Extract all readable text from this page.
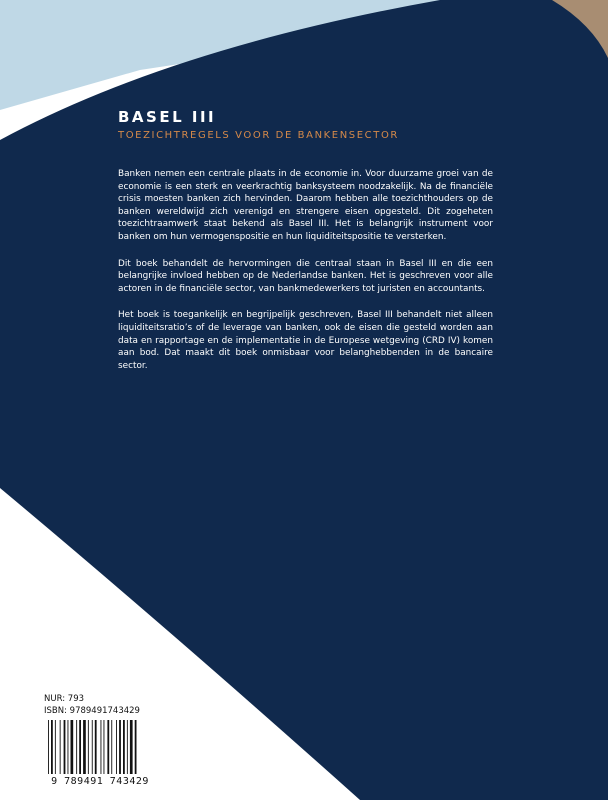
BASEL III
TOEZICHTREGELS VOOR DE BANKENSECTOR

Banken nemen een centrale plaats in de economie in. Voor duurzame groei van de economie is een sterk en veerkrachtig banksysteem noodzakelijk. Na de financiële crisis moesten banken zich hervinden. Daarom hebben alle toezichthouders op de banken wereldwijd zich verenigd en strengere eisen opgesteld. Dit zogeheten toezichtraamwerk staat bekend als Basel III. Het is belangrijk instrument voor banken om hun vermogenspositie en hun liquiditeitspositie te versterken.

Dit boek behandelt de hervormingen die centraal staan in Basel III en die een belangrijke invloed hebben op de Nederlandse banken. Het is geschreven voor alle actoren in de financiële sector, van bankmedewerkers tot juristen en accountants.

Het boek is toegankelijk en begrijpelijk geschreven, Basel III behandelt niet alleen liquiditeitsratio’s of de leverage van banken, ook de eisen die gesteld worden aan data en rapportage en de implementatie in de Europese wetgeving (CRD IV) komen aan bod. Dat maakt dit boek onmisbaar voor belanghebbenden in de bancaire sector.

NUR: 793
ISBN: 9789491743429
9 789491 743429
oncept
uitgeefgroep
